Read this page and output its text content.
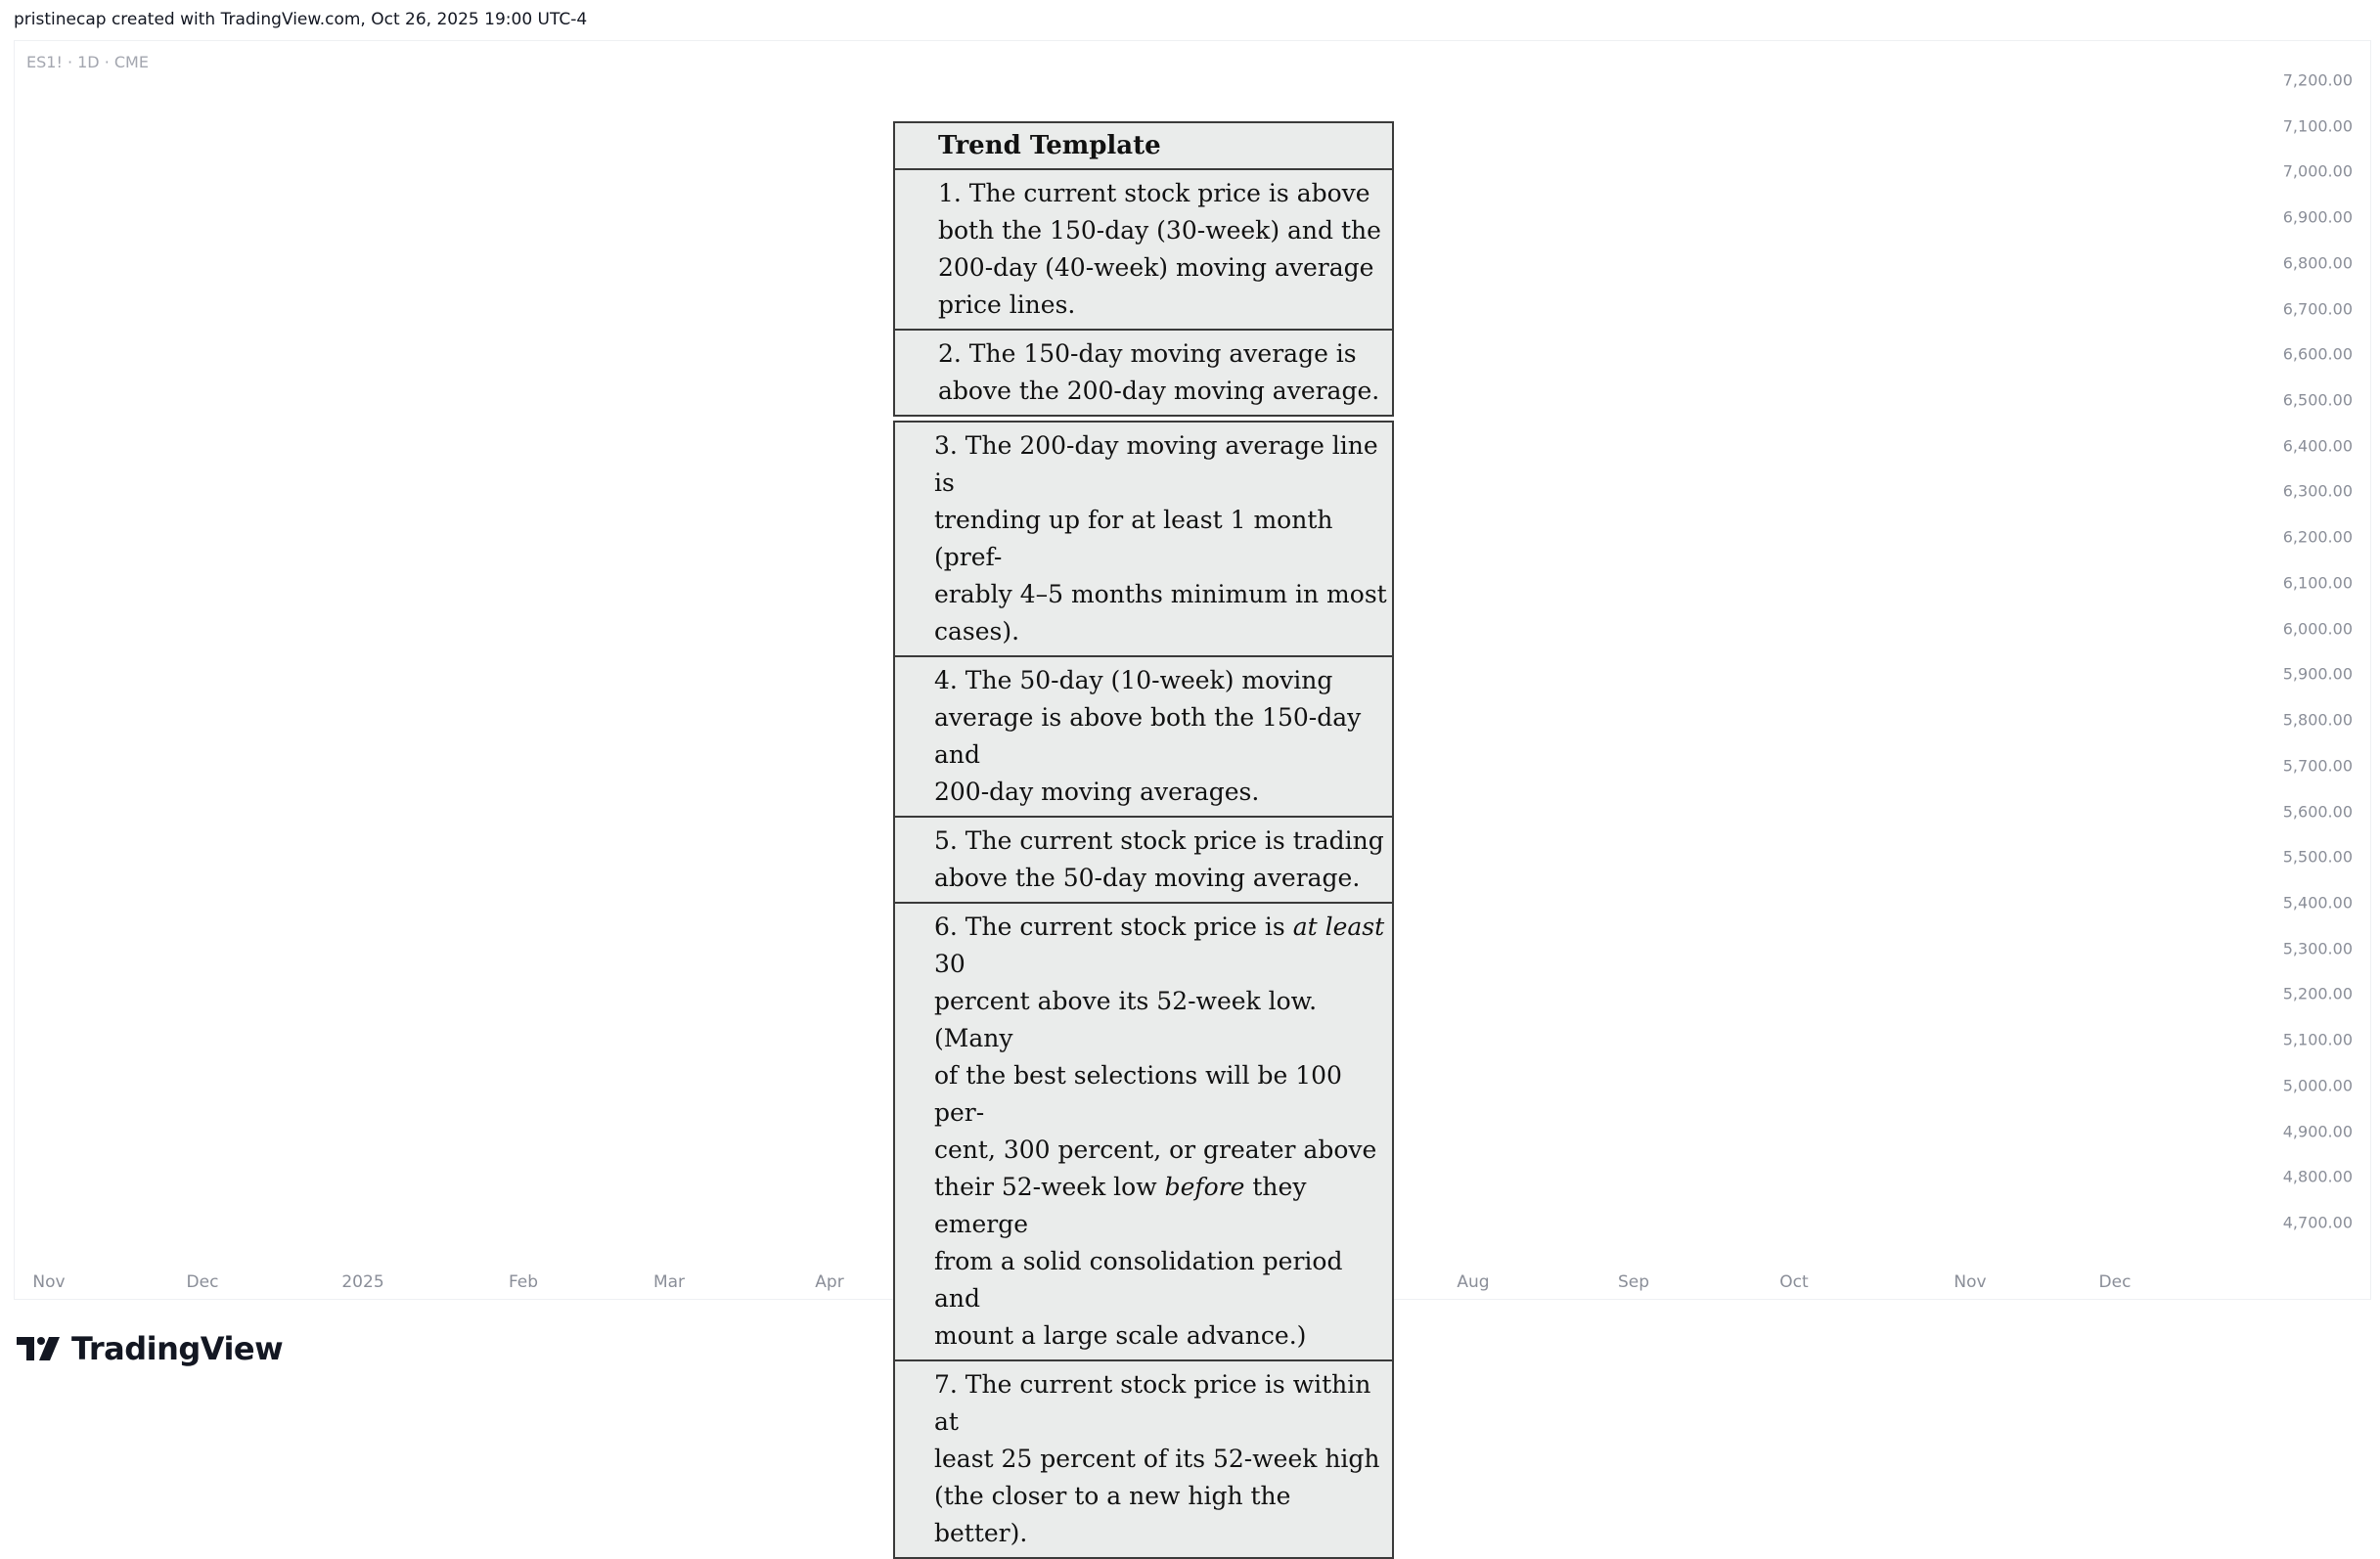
pristinecap created with TradingView.com, Oct 26, 2025 19:00 UTC-4
ES1! · 1D · CME
7,200.00
7,100.00
7,000.00
6,900.00
6,800.00
6,700.00
6,600.00
6,500.00
6,400.00
6,300.00
6,200.00
6,100.00
6,000.00
5,900.00
5,800.00
5,700.00
5,600.00
5,500.00
5,400.00
5,300.00
5,200.00
5,100.00
5,000.00
4,900.00
4,800.00
4,700.00
Nov	Dec	2025	Feb	Mar	Apr	Aug	Sep	Oct	Nov	Dec
Trend Template
1. The current stock price is above
both the 150-day (30-week) and the
200-day (40-week) moving average
price lines.
2. The 150-day moving average is
above the 200-day moving average.
3. The 200-day moving average line is
trending up for at least 1 month (pref-
erably 4–5 months minimum in most
cases).
4. The 50-day (10-week) moving
average is above both the 150-day and
200-day moving averages.
5. The current stock price is trading
above the 50-day moving average.
6. The current stock price is at least 30
percent above its 52-week low. (Many
of the best selections will be 100 per-
cent, 300 percent, or greater above
their 52-week low before they emerge
from a solid consolidation period and
mount a large scale advance.)
7. The current stock price is within at
least 25 percent of its 52-week high
(the closer to a new high the better).
TradingView
